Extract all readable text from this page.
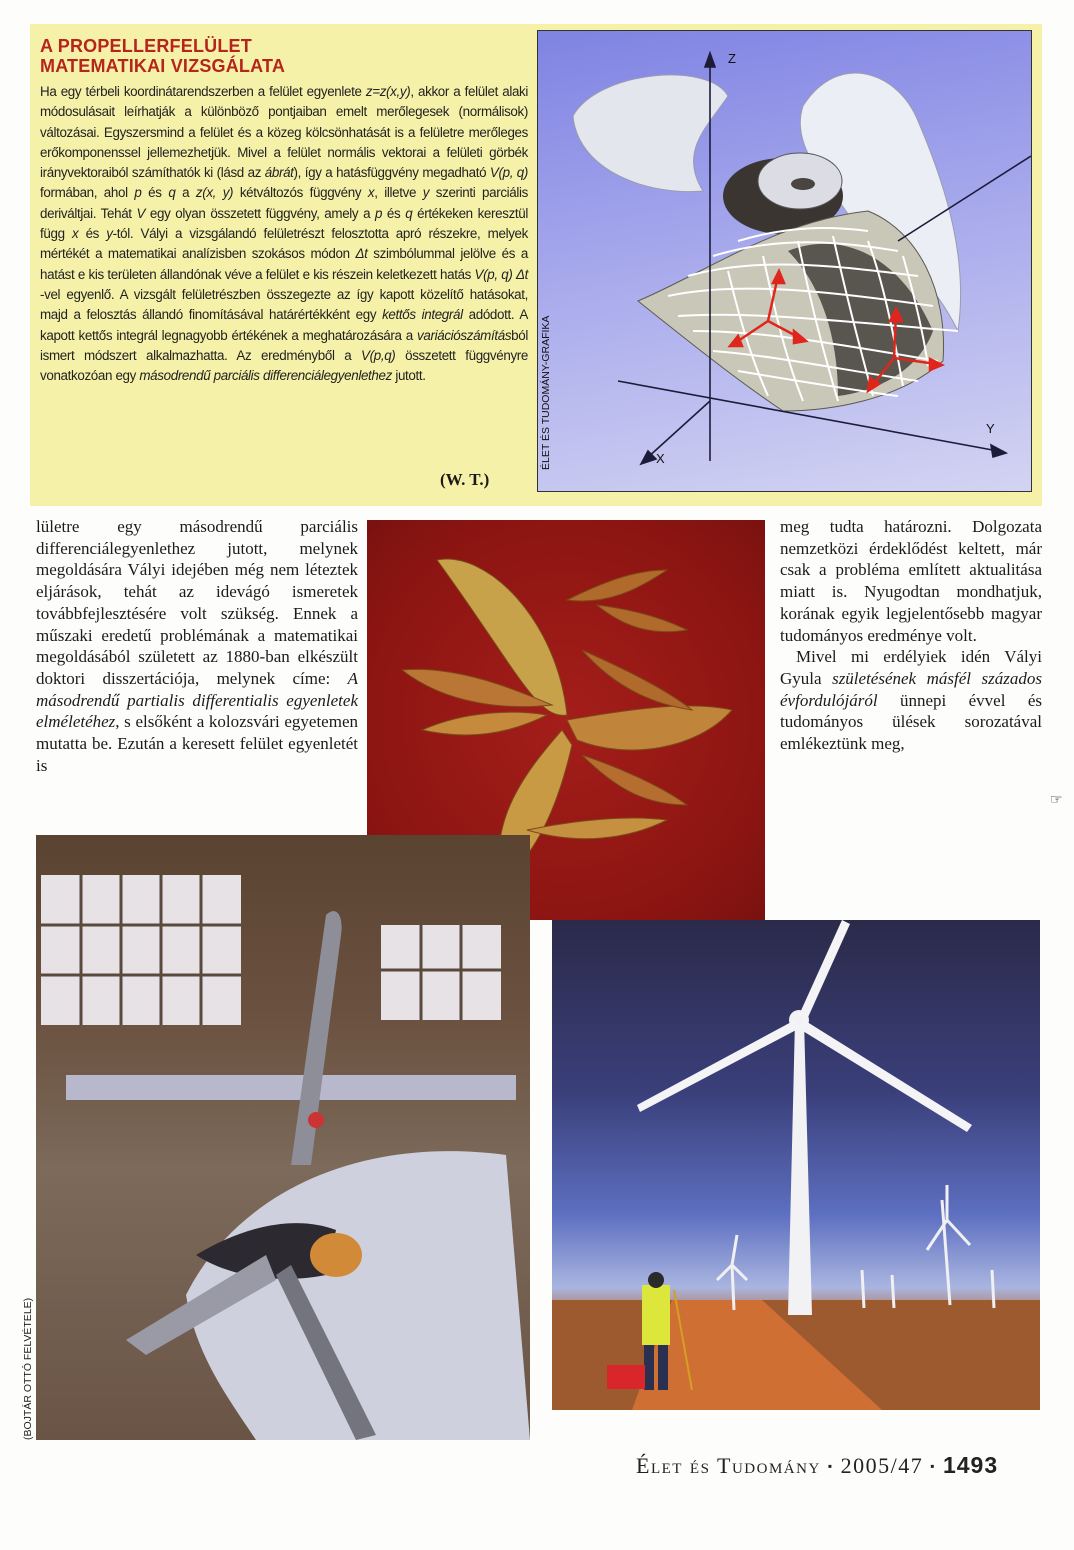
A PROPELLERFELÜLET
MATEMATIKAI VIZSGÁLATA
Ha egy térbeli koordinátarendszerben a felület egyenlete z=z(x,y), akkor a felület alaki módosulásait leírhatják a különböző pontjaiban emelt merőlegesek (normálisok) változásai. Egyszersmind a felület és a közeg kölcsönhatását is a felületre merőleges erőkomponenssel jellemezhetjük. Mivel a felület normális vektorai a felületi görbék irányvektoraiból számíthatók ki (lásd az ábrát), így a hatásfüggvény megadható V(p, q) formában, ahol p és q a z(x, y) kétváltozós függvény x, illetve y szerinti parciális deriváltjai. Tehát V egy olyan összetett függvény, amely a p és q értékeken keresztül függ x és y-tól. Vályi a vizsgálandó felületrészt felosztotta apró részekre, melyek mértékét a matematikai analízisben szokásos módon Δt szimbólummal jelölve és a hatást e kis területen állandónak véve a felület e kis részein keletkezett hatás V(p, q) Δt -vel egyenlő. A vizsgált felületrészben összegezte az így kapott közelítő hatásokat, majd a felosztás állandó finomításával határértékként egy kettős integrál adódott. A kapott kettős integrál legnagyobb értékének a meghatározására a variációszámításból ismert módszert alkalmazhatta. Az eredményből a V(p,q) összetett függvényre vonatkozóan egy másodrendű parciális differenciálegyenlethez jutott.
(W. T.)
Z
Y
X
ÉLET ÉS TUDOMÁNY-GRAFIKA
lületre egy másodrendű parciális differenciálegyenlethez jutott, melynek megoldására Vályi idejében még nem léteztek eljárások, tehát az idevágó ismeretek továbbfejlesztésére volt szükség. Ennek a műszaki eredetű problémának a matematikai megoldásából született az 1880-ban elkészült doktori disszertációja, melynek címe: A másodrendű partialis differentialis egyenletek elméletéhez, s elsőként a kolozsvári egyetemen mutatta be. Ezután a keresett felület egyenletét is
meg tudta határozni. Dolgozata nemzetközi érdeklődést keltett, már csak a probléma említett aktualitása miatt is. Nyugodtan mondhatjuk, korának egyik legjelentősebb magyar tudományos eredménye volt.
Mivel mi erdélyiek idén Vályi Gyula születésének másfél százados évfordulójáról ünnepi évvel és tudományos ülések sorozatával emlékeztünk meg,
☞
(BOJTÁR OTTÓ FELVÉTELE)
Élet és Tudomány ▪ 2005/47 ▪ 1493
